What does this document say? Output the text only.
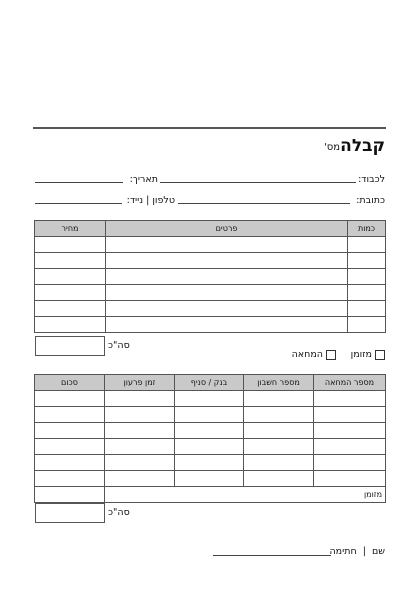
קבלה
מס'
לכבוד:
תאריך:
כתובת:
טלפון | נייד:
כמות	פרטים	מחיר

סה"כ
מזומן
המחאה
מספר המחאה	מספר חשבון	בנק / סניף	זמן פרעון	סכום

מזומן				
סה"כ
שם  |  חתימה
